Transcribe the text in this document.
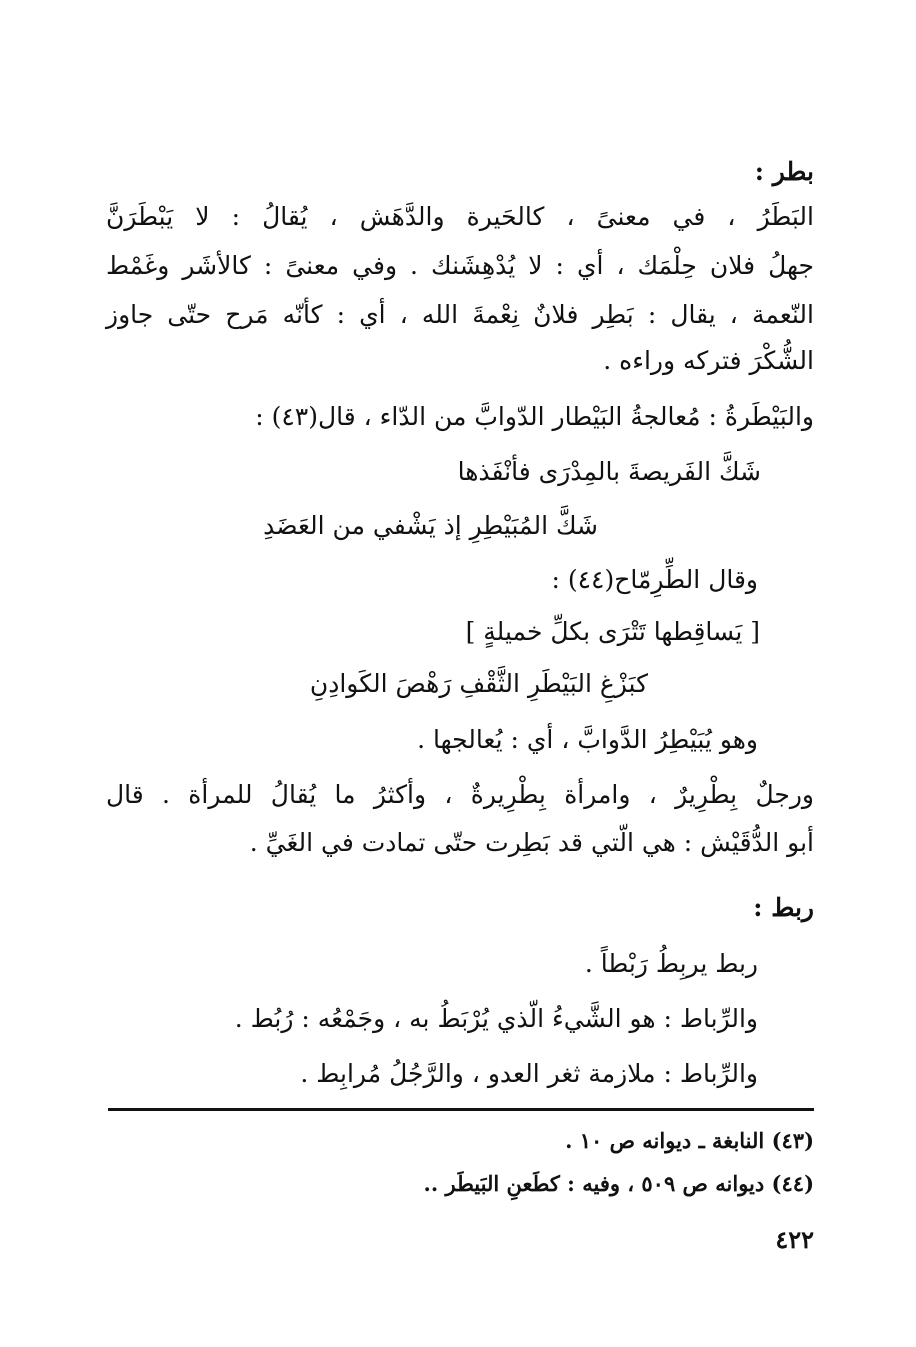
بطر :
البَطَرُ ، في معنىً ، كالحَيرة والدَّهَش ، يُقالُ : لا يَبْطَرَنَّ
جهلُ فلان حِلْمَك ، أي : لا يُدْهِشَنك . وفي معنىً : كالأشَر وغَمْط
النّعمة ، يقال : بَطِر فلانٌ نِعْمةَ الله ، أي : كأنّه مَرح حتّى جاوز
الشُّكْرَ فتركه وراءه .
والبَيْطَرةُ : مُعالجةُ البَيْطار الدّوابَّ من الدّاء ، قال(٤٣) :
شَكَّ الفَريصةَ بالمِدْرَى فأنْفَذها
شَكَّ المُبَيْطِرِ إذ يَشْفي من العَضَدِ
وقال الطِّرِمّاح(٤٤) :
[ يَساقِطها تَتْرَى بكلِّ خميلةٍ ]
كبَزْغِ البَيْطَرِ الثَّقْفِ رَهْصَ الكَوادِنِ
وهو يُبَيْطِرُ الدَّوابَّ ، أي : يُعالجها .
ورجلٌ بِطْرِيرٌ ، وامرأة بِطْرِيرةٌ ، وأكثرُ ما يُقالُ للمرأة . قال
أبو الدُّقَيْش : هي الّتي قد بَطِرت حتّى تمادت في الغَيِّ .
ربط :
ربط يربِطُ رَبْطاً .
والرِّباط : هو الشَّيءُ الّذي يُرْبَطُ به ، وجَمْعُه : رُبُط .
والرِّباط : ملازمة ثغر العدو ، والرَّجُلُ مُرابِط .
(٤٣) النابغة ـ ديوانه ص ١٠ .
(٤٤) ديوانه ص ٥٠٩ ، وفيه : كطَعنِ البَيطَر ..
٤٢٢
